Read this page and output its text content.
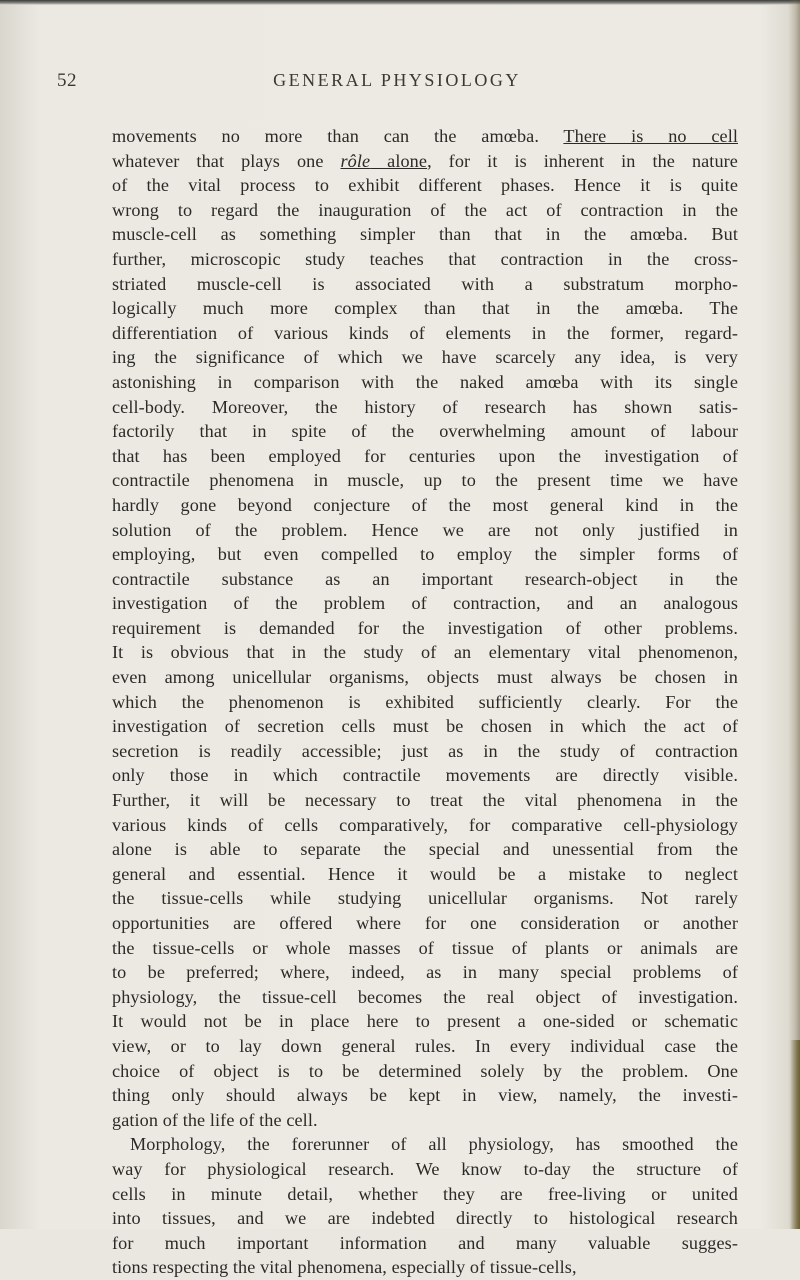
52	GENERAL PHYSIOLOGY
movements no more than can the amœba. There is no cell
whatever that plays one rôle alone, for it is inherent in the nature
of the vital process to exhibit different phases. Hence it is quite
wrong to regard the inauguration of the act of contraction in the
muscle-cell as something simpler than that in the amœba. But
further, microscopic study teaches that contraction in the cross-
striated muscle-cell is associated with a substratum morpho-
logically much more complex than that in the amœba. The
differentiation of various kinds of elements in the former, regard-
ing the significance of which we have scarcely any idea, is very
astonishing in comparison with the naked amœba with its single
cell-body. Moreover, the history of research has shown satis-
factorily that in spite of the overwhelming amount of labour
that has been employed for centuries upon the investigation of
contractile phenomena in muscle, up to the present time we have
hardly gone beyond conjecture of the most general kind in the
solution of the problem. Hence we are not only justified in
employing, but even compelled to employ the simpler forms of
contractile substance as an important research-object in the
investigation of the problem of contraction, and an analogous
requirement is demanded for the investigation of other problems.
It is obvious that in the study of an elementary vital phenomenon,
even among unicellular organisms, objects must always be chosen in
which the phenomenon is exhibited sufficiently clearly. For the
investigation of secretion cells must be chosen in which the act of
secretion is readily accessible; just as in the study of contraction
only those in which contractile movements are directly visible.
Further, it will be necessary to treat the vital phenomena in the
various kinds of cells comparatively, for comparative cell-physiology
alone is able to separate the special and unessential from the
general and essential. Hence it would be a mistake to neglect
the tissue-cells while studying unicellular organisms. Not rarely
opportunities are offered where for one consideration or another
the tissue-cells or whole masses of tissue of plants or animals are
to be preferred; where, indeed, as in many special problems of
physiology, the tissue-cell becomes the real object of investigation.
It would not be in place here to present a one-sided or schematic
view, or to lay down general rules. In every individual case the
choice of object is to be determined solely by the problem. One
thing only should always be kept in view, namely, the investi-
gation of the life of the cell.
Morphology, the forerunner of all physiology, has smoothed the
way for physiological research. We know to-day the structure of
cells in minute detail, whether they are free-living or united
into tissues, and we are indebted directly to histological research
for much important information and many valuable sugges-
tions respecting the vital phenomena, especially of tissue-cells,
